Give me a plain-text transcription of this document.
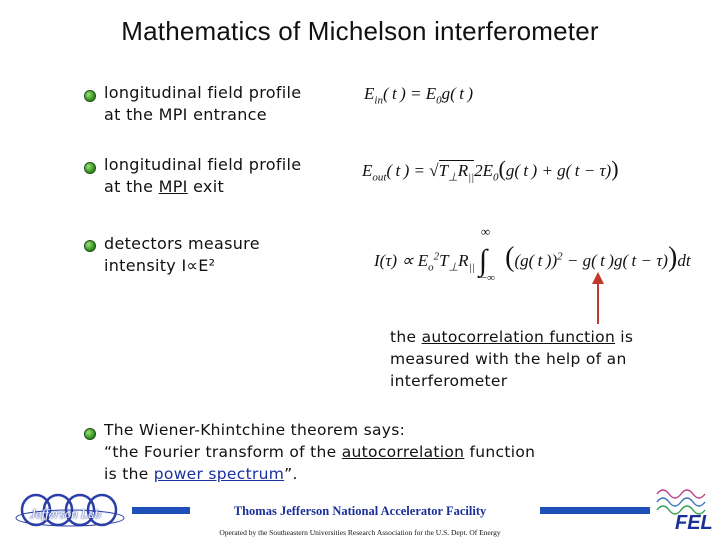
Mathematics of Michelson interferometer
longitudinal field profile
at the MPI entrance
$E_{in}$( t ) = $E_0g$( t )
longitudinal field profile
at the MPI exit
$E_{out}$( t ) = $√T_\perp R_{||}2E_0(g$( t ) + g( t − τ))
detectors measure
intensity I∝E²	$I(\tau) \propto E_o^2T_\perp R_{||}$
∞
∫
−∞
((g( t ))$^2$ − g( t )g( t − τ))dt
the autocorrelation function is
measured with the help of an
interferometer
The Wiener-Khintchine theorem says:
“the Fourier transform of the autocorrelation function
is the power spectrum”.
Thomas Jefferson National Accelerator Facility
Operated by the Southeastern Universities Research Association for the U.S. Dept. Of Energy
Jefferson Lab	FEL
